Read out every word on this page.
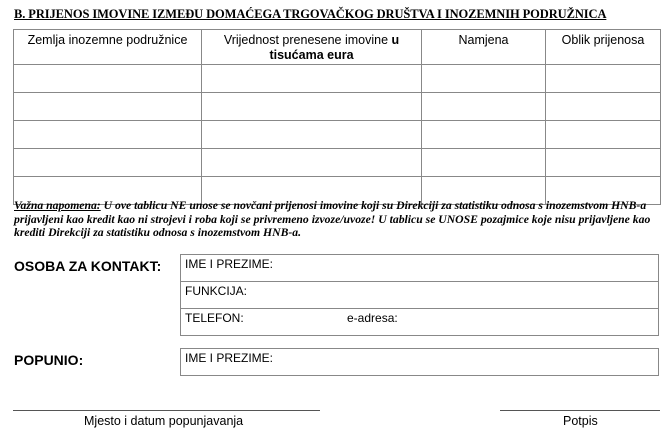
B. PRIJENOS IMOVINE IZMEĐU DOMAĆEGA TRGOVAČKOG DRUŠTVA I INOZEMNIH PODRUŽNICA
Zemlja inozemne podružnice	Vrijednost prenesene imovine u tisućama eura	Namjena	Oblik prijenosa

Važna napomena: U ove tablicu NE unose se novčani prijenosi imovine koji su Direkciji za statistiku odnosa s inozemstvom HNB-a prijavljeni kao kredit kao ni strojevi i roba koji se privremeno izvoze/uvoze! U tablicu se UNOSE pozajmice koje nisu prijavljene kao krediti Direkciji za statistiku odnosa s inozemstvom HNB-a.

OSOBA ZA KONTAKT: IME I PREZIME:
FUNKCIJA:
TELEFON:	e-adresa:

POPUNIO:	IME I PREZIME:

Mjesto i datum popunjavanja	Potpis
